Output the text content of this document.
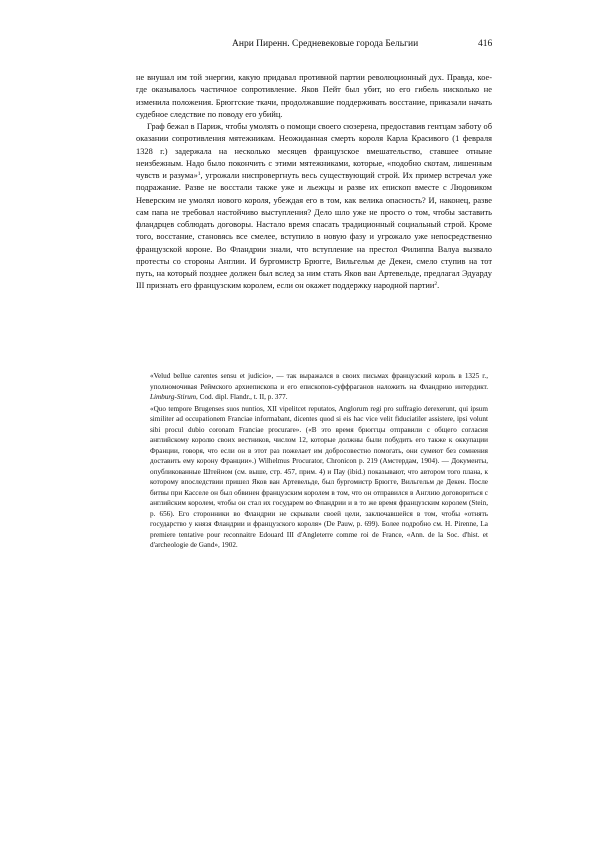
Анри Пиренн. Средневековые города Бельгии	416

не внушал им той энергии, какую придавал противной партии революционный дух. Правда, кое-где оказывалось частичное сопротивление. Яков Пейт был убит, но его гибель нисколько не изменила положения. Брюггские ткачи, продолжавшие поддерживать восстание, приказали начать судебное следствие по поводу его убийц.

Граф бежал в Париж, чтобы умолять о помощи своего сюзерена, предоставив гентцам заботу об оказании сопротивления мятежникам. Неожиданная смерть короля Карла Красивого (1 февраля 1328 г.) задержала на несколько месяцев французское вмешательство, ставшее отныне неизбежным. Надо было покончить с этими мятежниками, которые, «подобно скотам, лишенным чувств и разума»$^1$, угрожали ниспровергнуть весь существующий строй. Их пример встречал уже подражание. Разве не восстали также уже и льежцы и разве их епископ вместе с Людовиком Неверским не умолял нового короля, убеждая его в том, как велика опасность? И, наконец, разве сам папа не требовал настойчиво выступления? Дело шло уже не просто о том, чтобы заставить фландрцев соблюдать договоры. Настало время спасать традиционный социальный строй. Кроме того, восстание, становясь все смелее, вступило в новую фазу и угрожало уже непосредственно французской короне. Во Фландрии знали, что вступление на престол Филиппа Валуа вызвало протесты со стороны Англии. И бургомистр Брюгге, Вильгельм де Декен, смело ступив на тот путь, на который позднее должен был вслед за ним стать Яков ван Артевельде, предлагал Эдуарду III признать его французским королем, если он окажет поддержку народной партии$^2$.

«Velud bellue carentes sensu et judicio», — так выражался в своих письмах французский король в 1325 г., уполномочивая Реймского архиепископа и его епископов-суффраганов наложить на Фландрию интердикт. Limburg-Stirum, Cod. dipl. Flandr., t. II, p. 377.

«Quo tempore Brugenses suos nuntios, XII vipelitcet reputatos, Anglorum regi pro suffragio derexerunt, qui ipsum similiter ad occupationem Franciae informabant, dicentes quod si eis hac vice velit fiduciatiler assistere, ipsi volunt sibi procul dubio coronam Franciae procurare». («В это время брюггцы отправили с общего согласия английскому королю своих вестников, числом 12, которые должны были побудить его также к оккупации Франции, говоря, что если он в этот раз пожелает им добросовестно помогать, они сумеют без сомнения доставить ему корону Франции».) Wilhelmus Procurator, Chronicon p. 219 (Амстердам, 1904). — Документы, опубликованные Штейном (см. выше, стр. 457, прим. 4) и Пау (ibid.) показывают, что автором того плана, к которому впоследствии пришел Яков ван Артевельде, был бургомистр Брюгге, Вильгельм де Декен. После битвы при Касселе он был обвинен французским королем в том, что он отправился в Англию договориться с английским королем, чтобы он стал их государем во Фландрии и в то же время французским королем (Stein, p. 656). Его сторонники во Фландрии не скрывали своей цели, заключавшейся в том, чтобы «отнять государство у князя Фландрии и французского короля» (De Pauw, p. 699). Более подробно см. H. Pirenne, La premiere tentative pour reconnaitre Edouard III d'Angleterre comme roi de France, «Ann. de la Soc. d'hist. et d'archeologie de Gand», 1902.
